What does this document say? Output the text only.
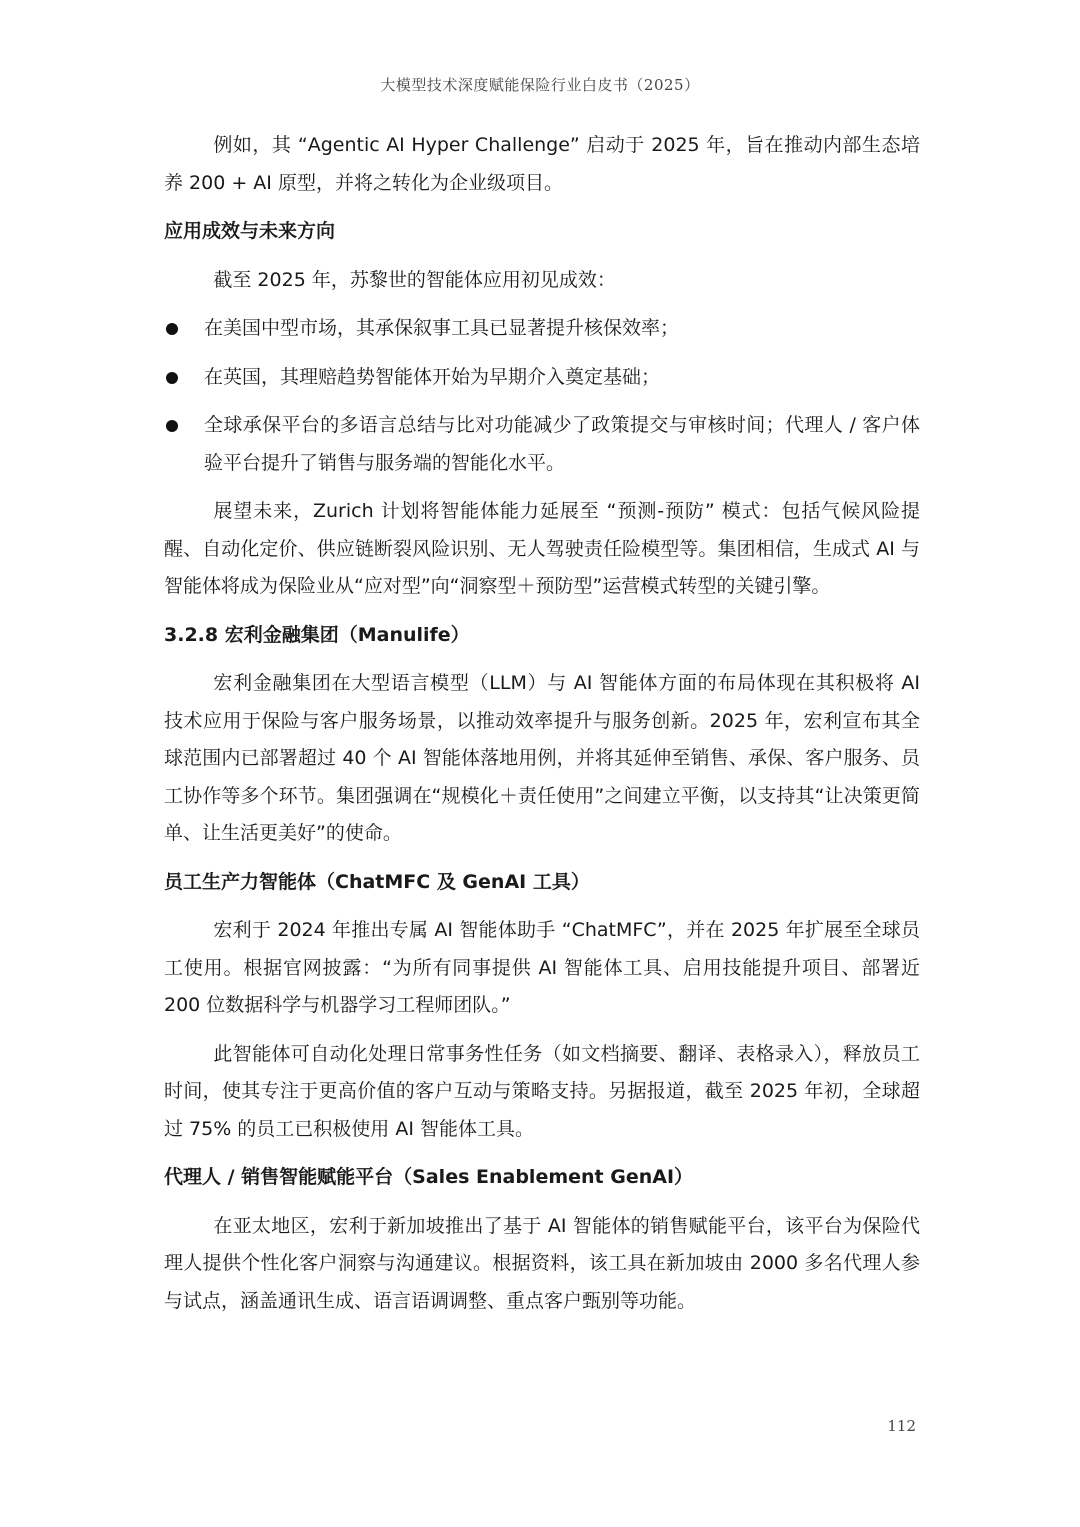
大模型技术深度赋能保险行业白皮书（2025）

例如，其 “Agentic AI Hyper Challenge” 启动于 2025 年，旨在推动内部生态培养 200 + AI 原型，并将之转化为企业级项目。

应用成效与未来方向

截至 2025 年，苏黎世的智能体应用初见成效：

在美国中型市场，其承保叙事工具已显著提升核保效率；
在英国，其理赔趋势智能体开始为早期介入奠定基础；
全球承保平台的多语言总结与比对功能减少了政策提交与审核时间；代理人 / 客户体验平台提升了销售与服务端的智能化水平。

展望未来，Zurich 计划将智能体能力延展至 “预测-预防” 模式：包括气候风险提醒、自动化定价、供应链断裂风险识别、无人驾驶责任险模型等。集团相信，生成式 AI 与智能体将成为保险业从“应对型”向“洞察型＋预防型”运营模式转型的关键引擎。

3.2.8 宏利金融集团（Manulife）

宏利金融集团在大型语言模型（LLM）与 AI 智能体方面的布局体现在其积极将 AI 技术应用于保险与客户服务场景，以推动效率提升与服务创新。2025 年，宏利宣布其全球范围内已部署超过 40 个 AI 智能体落地用例，并将其延伸至销售、承保、客户服务、员工协作等多个环节。集团强调在“规模化＋责任使用”之间建立平衡，以支持其“让决策更简单、让生活更美好”的使命。

员工生产力智能体（ChatMFC 及 GenAI 工具）

宏利于 2024 年推出专属 AI 智能体助手 “ChatMFC”，并在 2025 年扩展至全球员工使用。根据官网披露：“为所有同事提供 AI 智能体工具、启用技能提升项目、部署近 200 位数据科学与机器学习工程师团队。”

此智能体可自动化处理日常事务性任务（如文档摘要、翻译、表格录入），释放员工时间，使其专注于更高价值的客户互动与策略支持。另据报道，截至 2025 年初，全球超过 75% 的员工已积极使用 AI 智能体工具。

代理人 / 销售智能赋能平台（Sales Enablement GenAI）

在亚太地区，宏利于新加坡推出了基于 AI 智能体的销售赋能平台，该平台为保险代理人提供个性化客户洞察与沟通建议。根据资料，该工具在新加坡由 2000 多名代理人参与试点，涵盖通讯生成、语言语调调整、重点客户甄别等功能。

112
